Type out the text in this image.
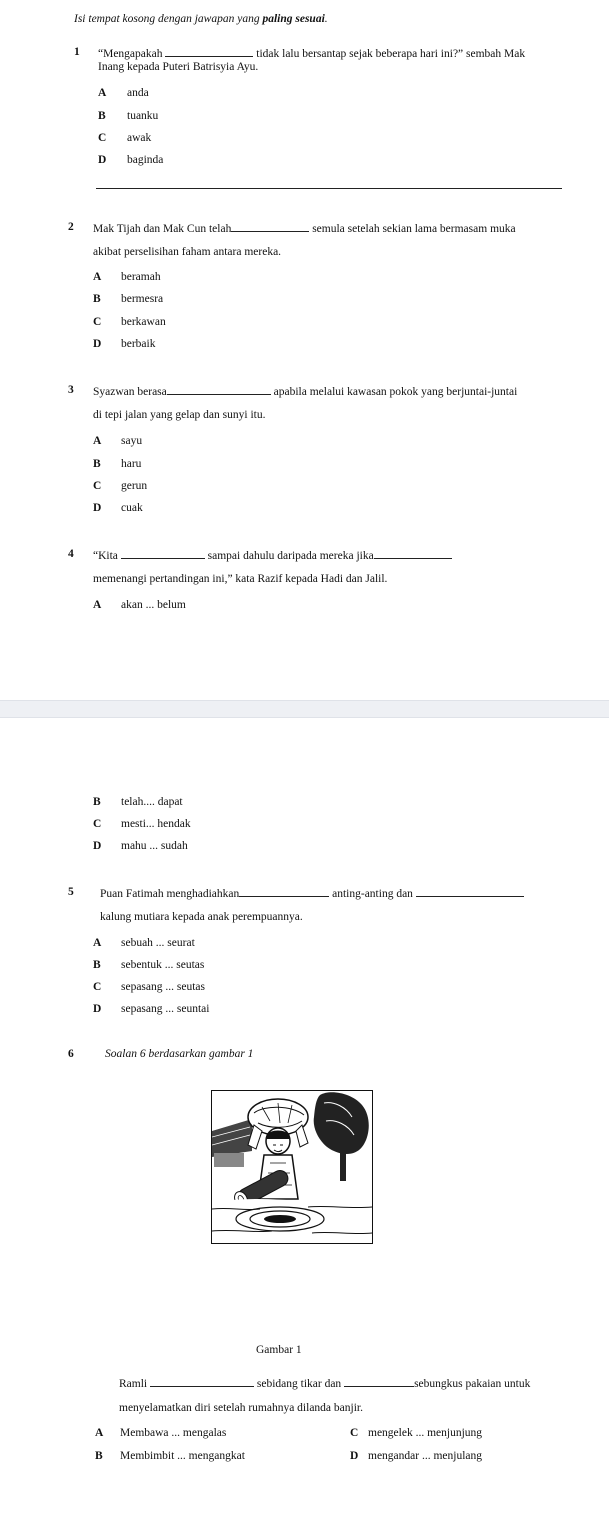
Isi tempat kosong dengan jawapan yang paling sesuai.
1 “Mengapakah	tidak lalu bersantap sejak beberapa hari ini?” sembah Mak
Inang kepada Puteri Batrisyia Ayu.
A anda
B tuanku
C awak
D baginda
2 Mak Tijah dan Mak Cun telah	semula setelah sekian lama bermasam muka
akibat perselisihan faham antara mereka.
A beramah
B bermesra
C berkawan
D berbaik
3 Syazwan berasa	apabila melalui kawasan pokok yang berjuntai-juntai
di tepi jalan yang gelap dan sunyi itu.
A sayu
B haru
C gerun
D cuak
4 “Kita	sampai dahulu daripada mereka jika
memenangi pertandingan ini,” kata Razif kepada Hadi dan Jalil.
A akan ... belum
B telah.... dapat
C mesti... hendak
D mahu ... sudah
5 Puan Fatimah menghadiahkan	anting-anting dan
kalung mutiara kepada anak perempuannya.
A sebuah ... seurat
B sebentuk ... seutas
C sepasang ... seutas
D sepasang ... seuntai
6	Soalan 6 berdasarkan gambar 1
Gambar 1
Ramli	sebidang tikar dan	sebungkus pakaian untuk
menyelamatkan diri setelah rumahnya dilanda banjir.
A Membawa ... mengalas	C mengelek ... menjunjung
B Membimbit ... mengangkat	D mengandar ... menjulang
